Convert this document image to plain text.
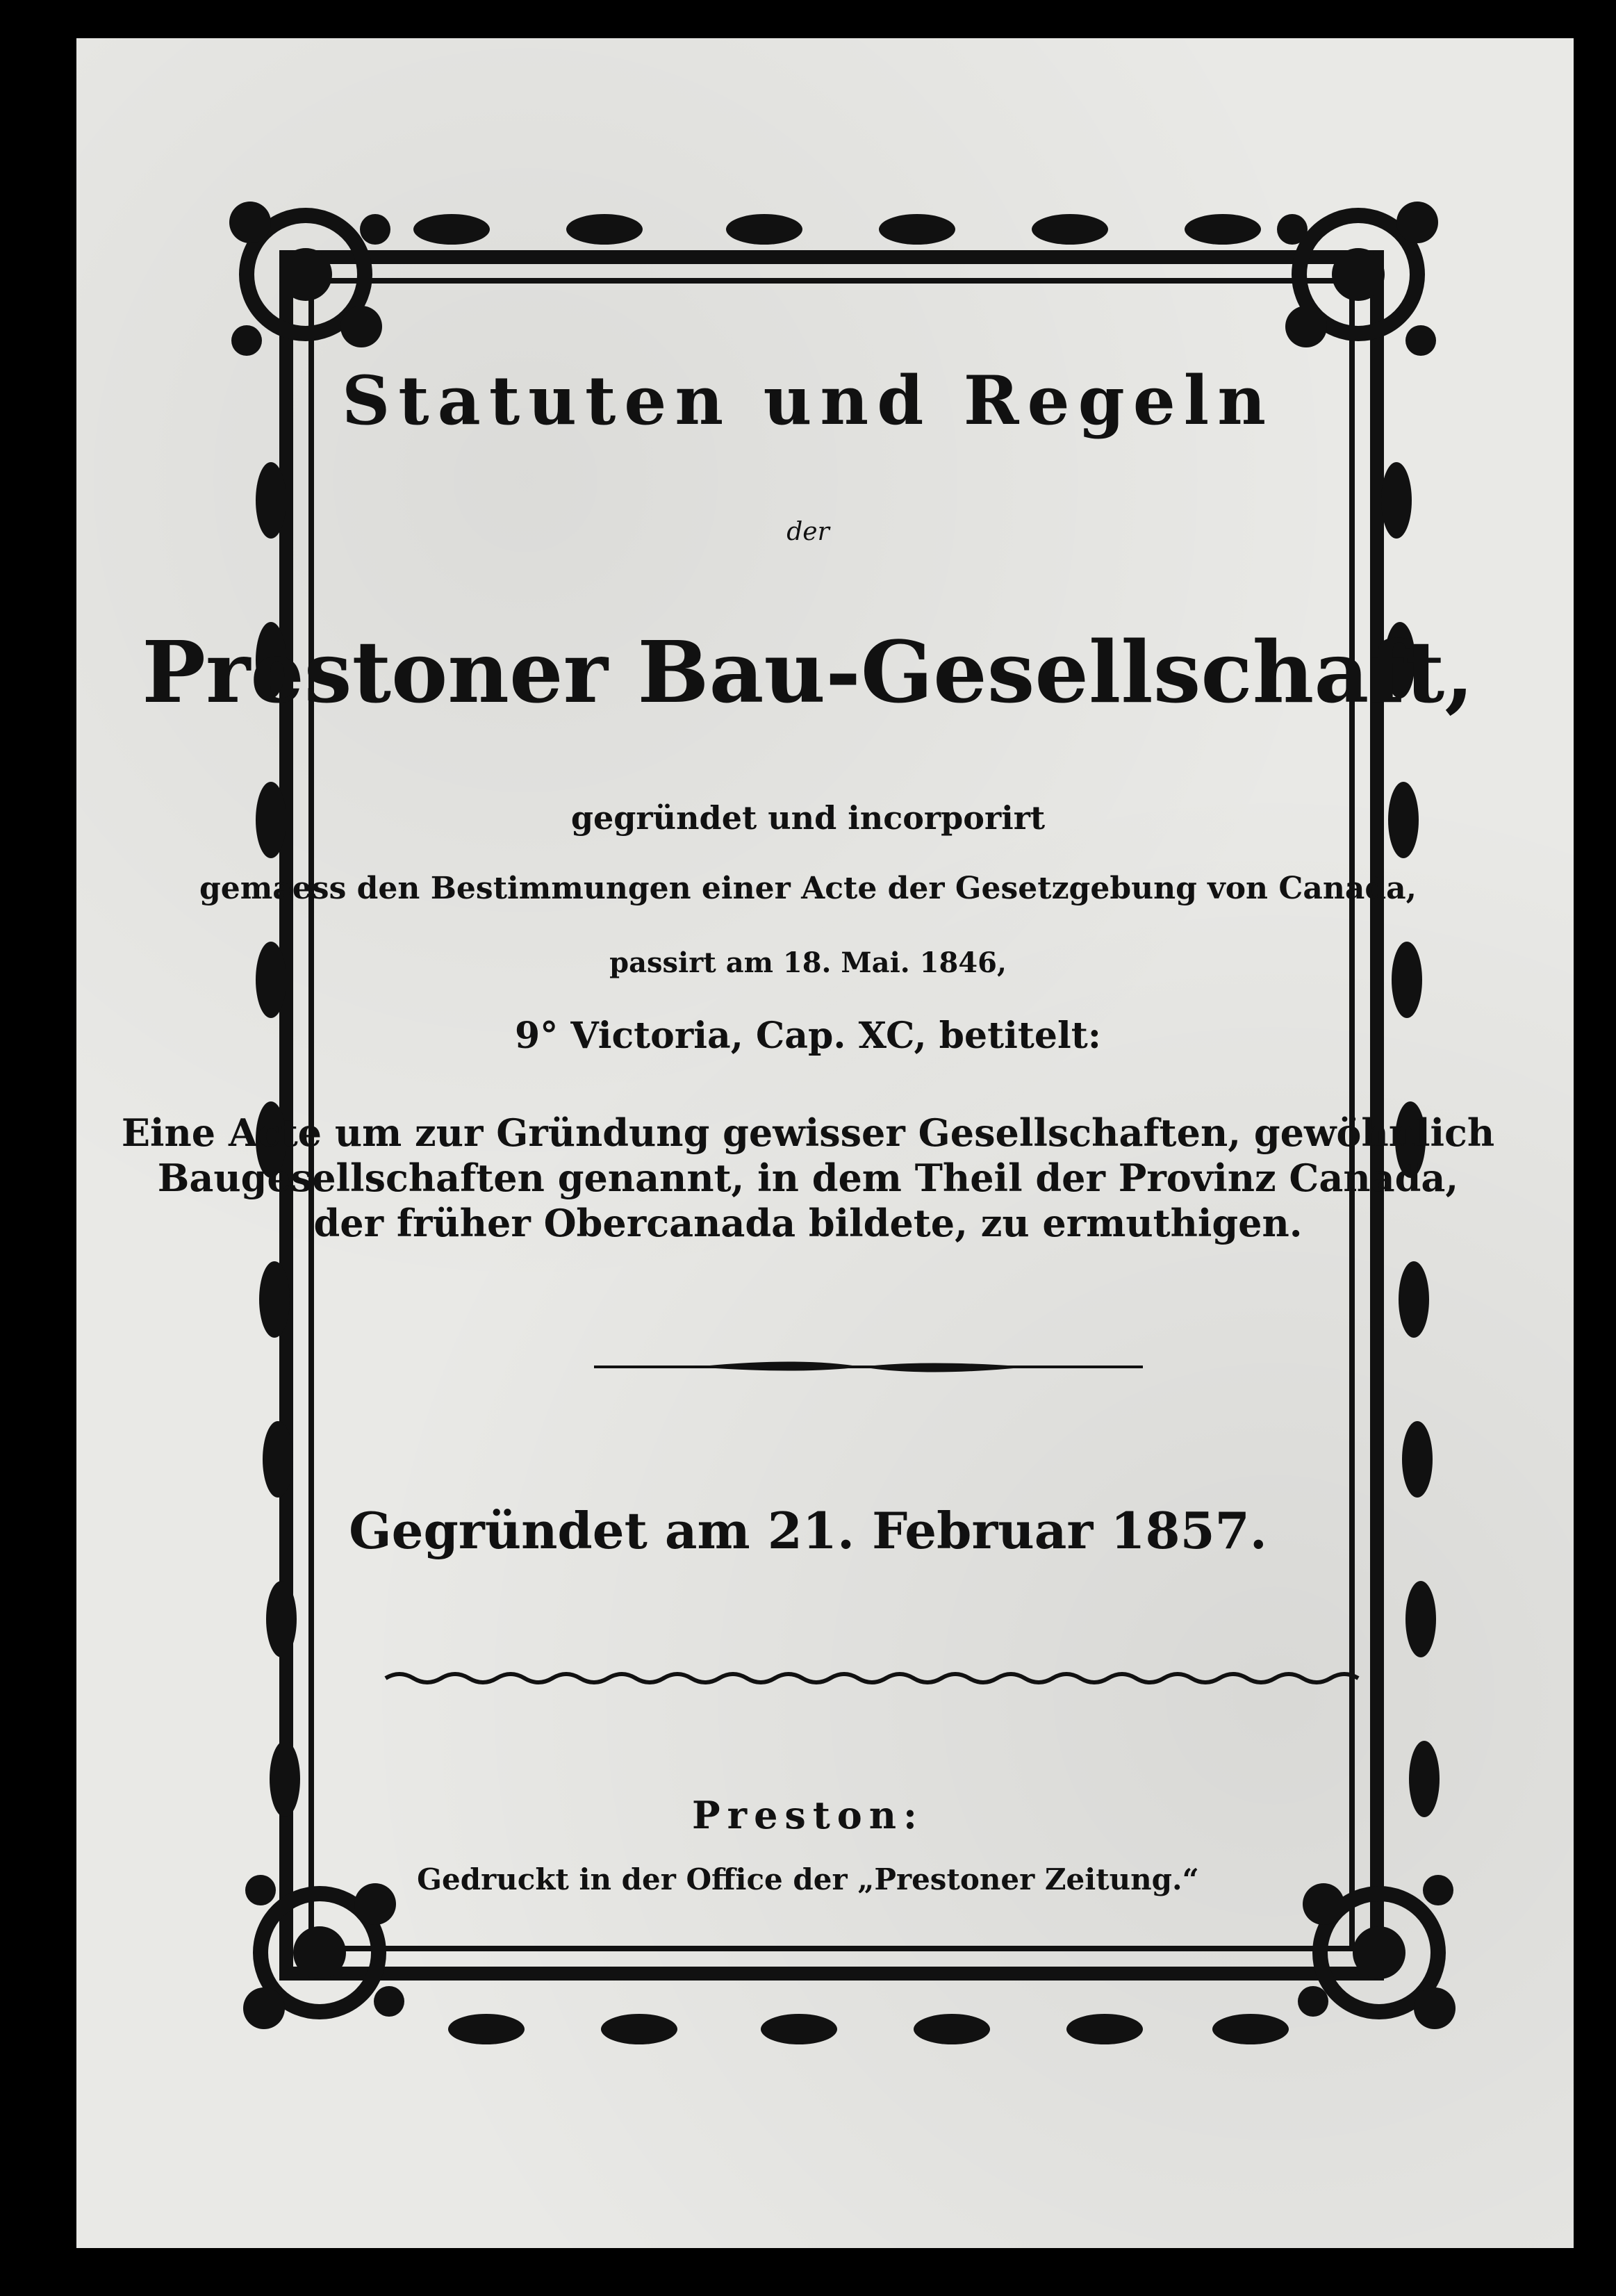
Statuten und Regeln
der
Prestoner Bau-Gesellschaft,
gegründet und incorporirt
gemaess den Bestimmungen einer Acte der Gesetzgebung von Canada,
passirt am 18. Mai. 1846,
9° Victoria, Cap. XC, betitelt:
Eine Acte um zur Gründung gewisser Gesellschaften, gewöhnlich
Baugesellschaften genannt, in dem Theil der Provinz Canada,
der früher Obercanada bildete, zu ermuthigen.
Gegründet am 21. Februar 1857.
Preston:
Gedruckt in der Office der „Prestoner Zeitung.“
